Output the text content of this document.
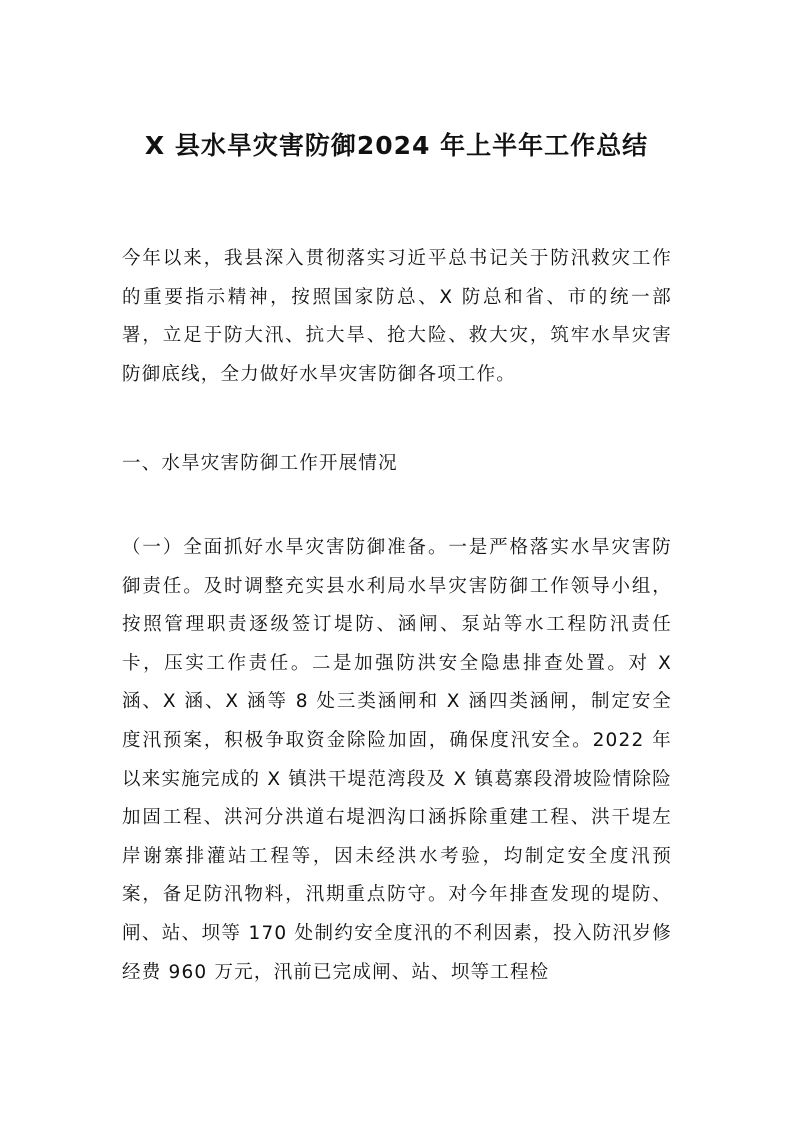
X 县水旱灾害防御2024 年上半年工作总结

今年以来，我县深入贯彻落实习近平总书记关于防汛救灾工作的重要指示精神，按照国家防总、X 防总和省、市的统一部署，立足于防大汛、抗大旱、抢大险、救大灾，筑牢水旱灾害防御底线，全力做好水旱灾害防御各项工作。

一、水旱灾害防御工作开展情况

（一）全面抓好水旱灾害防御准备。一是严格落实水旱灾害防御责任。及时调整充实县水利局水旱灾害防御工作领导小组，按照管理职责逐级签订堤防、涵闸、泵站等水工程防汛责任卡，压实工作责任。二是加强防洪安全隐患排查处置。对 X 涵、X 涵、X 涵等 8 处三类涵闸和 X 涵四类涵闸，制定安全度汛预案，积极争取资金除险加固，确保度汛安全。2022 年以来实施完成的 X 镇洪干堤范湾段及 X 镇葛寨段滑坡险情除险加固工程、洪河分洪道右堤泗沟口涵拆除重建工程、洪干堤左岸谢寨排灌站工程等，因未经洪水考验，均制定安全度汛预案，备足防汛物料，汛期重点防守。对今年排查发现的堤防、闸、站、坝等 170 处制约安全度汛的不利因素，投入防汛岁修经费 960 万元，汛前已完成闸、站、坝等工程检
